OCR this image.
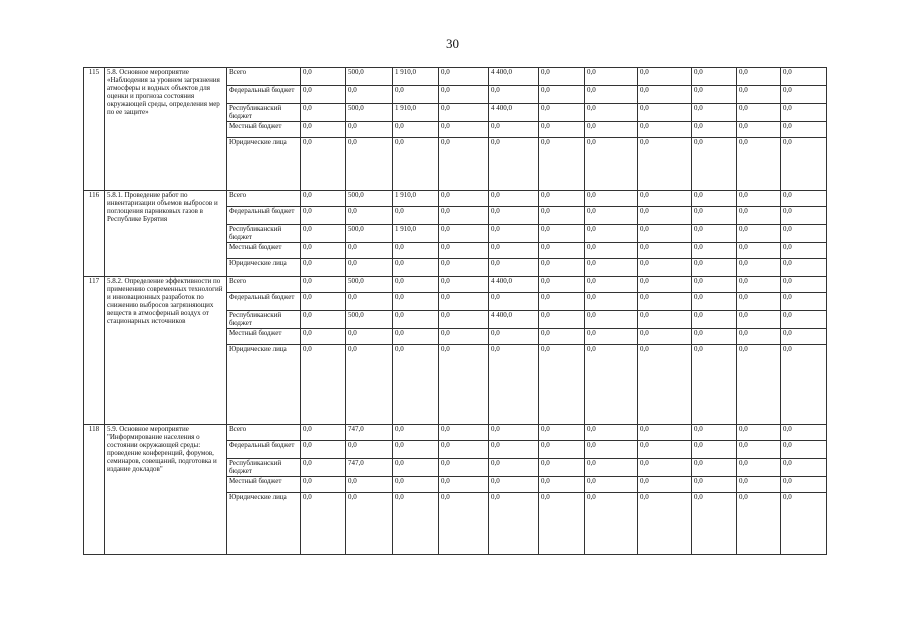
30
115	5.8. Основное мероприятие «Наблюдения за уровнем загрязнения атмосферы и водных объектов для оценки и прогноза состояния окружающей среды, определения мер по ее защите»	Всего	0,0	500,0	1 910,0	0,0	4 400,0	0,0	0,0	0,0	0,0	0,0	0,0
		Федеральный бюджет	0,0	0,0	0,0	0,0	0,0	0,0	0,0	0,0	0,0	0,0	0,0
		Республиканский бюджет	0,0	500,0	1 910,0	0,0	4 400,0	0,0	0,0	0,0	0,0	0,0	0,0
		Местный бюджет	0,0	0,0	0,0	0,0	0,0	0,0	0,0	0,0	0,0	0,0	0,0
		Юридические лица	0,0	0,0	0,0	0,0	0,0	0,0	0,0	0,0	0,0	0,0	0,0
116	5.8.1. Проведение работ по инвентаризации объемов выбросов и поглощения парниковых газов в Республике Бурятия	Всего	0,0	500,0	1 910,0	0,0	0,0	0,0	0,0	0,0	0,0	0,0	0,0
		Федеральный бюджет	0,0	0,0	0,0	0,0	0,0	0,0	0,0	0,0	0,0	0,0	0,0
		Республиканский бюджет	0,0	500,0	1 910,0	0,0	0,0	0,0	0,0	0,0	0,0	0,0	0,0
		Местный бюджет	0,0	0,0	0,0	0,0	0,0	0,0	0,0	0,0	0,0	0,0	0,0
		Юридические лица	0,0	0,0	0,0	0,0	0,0	0,0	0,0	0,0	0,0	0,0	0,0
117	5.8.2. Определение эффективности по применению современных технологий и инновационных разработок по снижению выбросов загрязняющих веществ в атмосферный воздух от стационарных источников	Всего	0,0	500,0	0,0	0,0	4 400,0	0,0	0,0	0,0	0,0	0,0	0,0
		Федеральный бюджет	0,0	0,0	0,0	0,0	0,0	0,0	0,0	0,0	0,0	0,0	0,0
		Республиканский бюджет	0,0	500,0	0,0	0,0	4 400,0	0,0	0,0	0,0	0,0	0,0	0,0
		Местный бюджет	0,0	0,0	0,0	0,0	0,0	0,0	0,0	0,0	0,0	0,0	0,0
		Юридические лица	0,0	0,0	0,0	0,0	0,0	0,0	0,0	0,0	0,0	0,0	0,0
118	5.9. Основное мероприятие "Информирование населения о состоянии окружающей среды: проведение конференций, форумов, семинаров, совещаний, подготовка и издание докладов"	Всего	0,0	747,0	0,0	0,0	0,0	0,0	0,0	0,0	0,0	0,0	0,0
		Федеральный бюджет	0,0	0,0	0,0	0,0	0,0	0,0	0,0	0,0	0,0	0,0	0,0
		Республиканский бюджет	0,0	747,0	0,0	0,0	0,0	0,0	0,0	0,0	0,0	0,0	0,0
		Местный бюджет	0,0	0,0	0,0	0,0	0,0	0,0	0,0	0,0	0,0	0,0	0,0
		Юридические лица	0,0	0,0	0,0	0,0	0,0	0,0	0,0	0,0	0,0	0,0	0,0
